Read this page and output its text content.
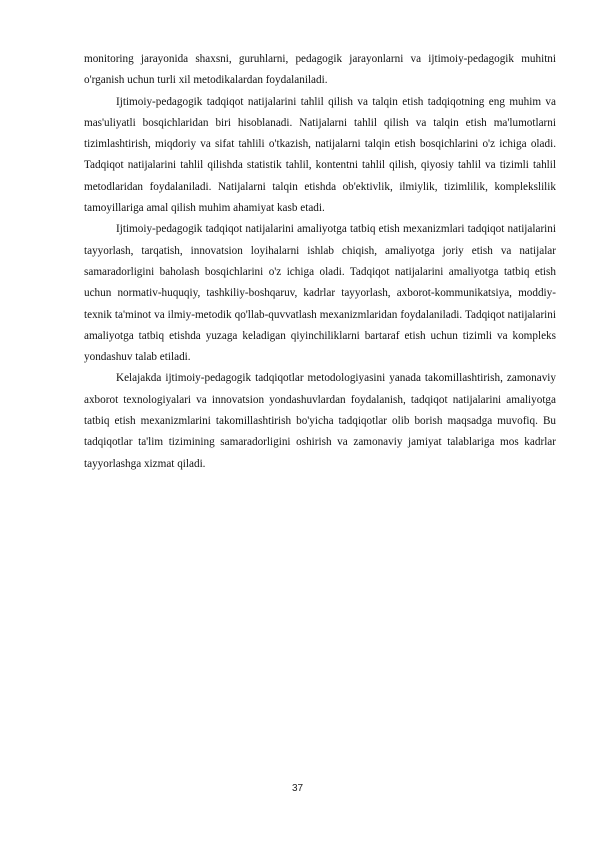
monitoring jarayonida shaxsni, guruhlarni, pedagogik jarayonlarni va ijtimoiy-pedagogik muhitni o'rganish uchun turli xil metodikalardan foydalaniladi.

Ijtimoiy-pedagogik tadqiqot natijalarini tahlil qilish va talqin etish tadqiqotning eng muhim va mas'uliyatli bosqichlaridan biri hisoblanadi. Natijalarni tahlil qilish va talqin etish ma'lumotlarni tizimlashtirish, miqdoriy va sifat tahlili o'tkazish, natijalarni talqin etish bosqichlarini o'z ichiga oladi. Tadqiqot natijalarini tahlil qilishda statistik tahlil, kontentni tahlil qilish, qiyosiy tahlil va tizimli tahlil metodlaridan foydalaniladi. Natijalarni talqin etishda ob'ektivlik, ilmiylik, tizimlilik, komplekslilik tamoyillariga amal qilish muhim ahamiyat kasb etadi.

Ijtimoiy-pedagogik tadqiqot natijalarini amaliyotga tatbiq etish mexanizmlari tadqiqot natijalarini tayyorlash, tarqatish, innovatsion loyihalarni ishlab chiqish, amaliyotga joriy etish va natijalar samaradorligini baholash bosqichlarini o'z ichiga oladi. Tadqiqot natijalarini amaliyotga tatbiq etish uchun normativ-huquqiy, tashkiliy-boshqaruv, kadrlar tayyorlash, axborot-kommunikatsiya, moddiy-texnik ta'minot va ilmiy-metodik qo'llab-quvvatlash mexanizmlaridan foydalaniladi. Tadqiqot natijalarini amaliyotga tatbiq etishda yuzaga keladigan qiyinchiliklarni bartaraf etish uchun tizimli va kompleks yondashuv talab etiladi.

Kelajakda ijtimoiy-pedagogik tadqiqotlar metodologiyasini yanada takomillashtirish, zamonaviy axborot texnologiyalari va innovatsion yondashuvlardan foydalanish, tadqiqot natijalarini amaliyotga tatbiq etish mexanizmlarini takomillashtirish bo'yicha tadqiqotlar olib borish maqsadga muvofiq. Bu tadqiqotlar ta'lim tizimining samaradorligini oshirish va zamonaviy jamiyat talablariga mos kadrlar tayyorlashga xizmat qiladi.

37
